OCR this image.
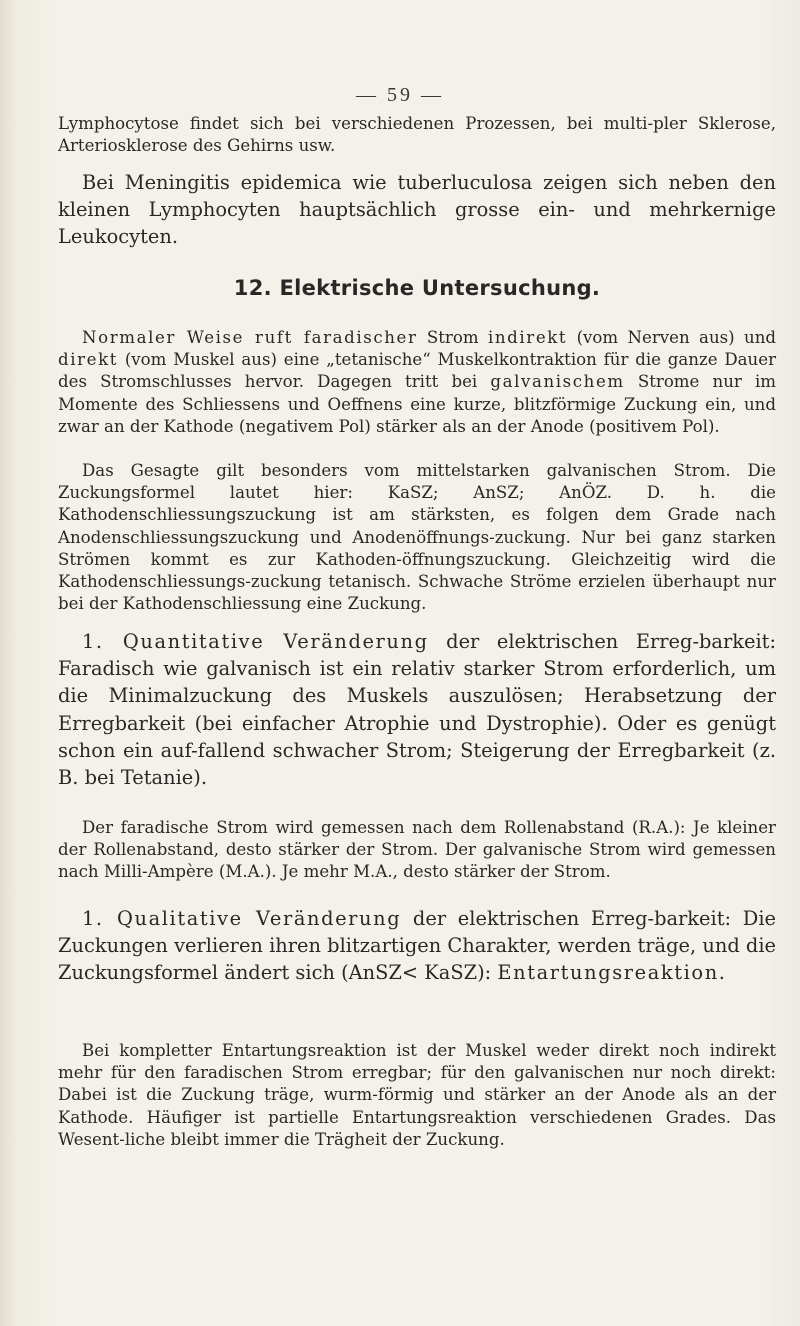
— 59 —

Lymphocytose findet sich bei verschiedenen Prozessen, bei multi-pler Sklerose, Arteriosklerose des Gehirns usw.

Bei Meningitis epidemica wie tuberluculosa zeigen sich neben den kleinen Lymphocyten hauptsächlich grosse ein- und mehrkernige Leukocyten.

12. Elektrische Untersuchung.

Normaler Weise ruft faradischer Strom indirekt (vom Nerven aus) und direkt (vom Muskel aus) eine „tetanische“ Muskelkontraktion für die ganze Dauer des Stromschlusses hervor. Dagegen tritt bei galvanischem Strome nur im Momente des Schliessens und Oeffnens eine kurze, blitzförmige Zuckung ein, und zwar an der Kathode (negativem Pol) stärker als an der Anode (positivem Pol).

Das Gesagte gilt besonders vom mittelstarken galvanischen Strom. Die Zuckungsformel lautet hier: KaSZ; AnSZ; AnÖZ. D. h. die Kathodenschliessungszuckung ist am stärksten, es folgen dem Grade nach Anodenschliessungszuckung und Anodenöffnungs-zuckung. Nur bei ganz starken Strömen kommt es zur Kathoden-öffnungszuckung. Gleichzeitig wird die Kathodenschliessungs-zuckung tetanisch. Schwache Ströme erzielen überhaupt nur bei der Kathodenschliessung eine Zuckung.

1. Quantitative Veränderung der elektrischen Erreg-barkeit: Faradisch wie galvanisch ist ein relativ starker Strom erforderlich, um die Minimalzuckung des Muskels auszulösen; Herabsetzung der Erregbarkeit (bei einfacher Atrophie und Dystrophie). Oder es genügt schon ein auf-fallend schwacher Strom; Steigerung der Erregbarkeit (z. B. bei Tetanie).

Der faradische Strom wird gemessen nach dem Rollenabstand (R.A.): Je kleiner der Rollenabstand, desto stärker der Strom. Der galvanische Strom wird gemessen nach Milli-Ampère (M.A.). Je mehr M.A., desto stärker der Strom.

1. Qualitative Veränderung der elektrischen Erreg-barkeit: Die Zuckungen verlieren ihren blitzartigen Charakter, werden träge, und die Zuckungsformel ändert sich (AnSZ< KaSZ): Entartungsreaktion.

Bei kompletter Entartungsreaktion ist der Muskel weder direkt noch indirekt mehr für den faradischen Strom erregbar; für den galvanischen nur noch direkt: Dabei ist die Zuckung träge, wurm-förmig und stärker an der Anode als an der Kathode. Häufiger ist partielle Entartungsreaktion verschiedenen Grades. Das Wesent-liche bleibt immer die Trägheit der Zuckung.
